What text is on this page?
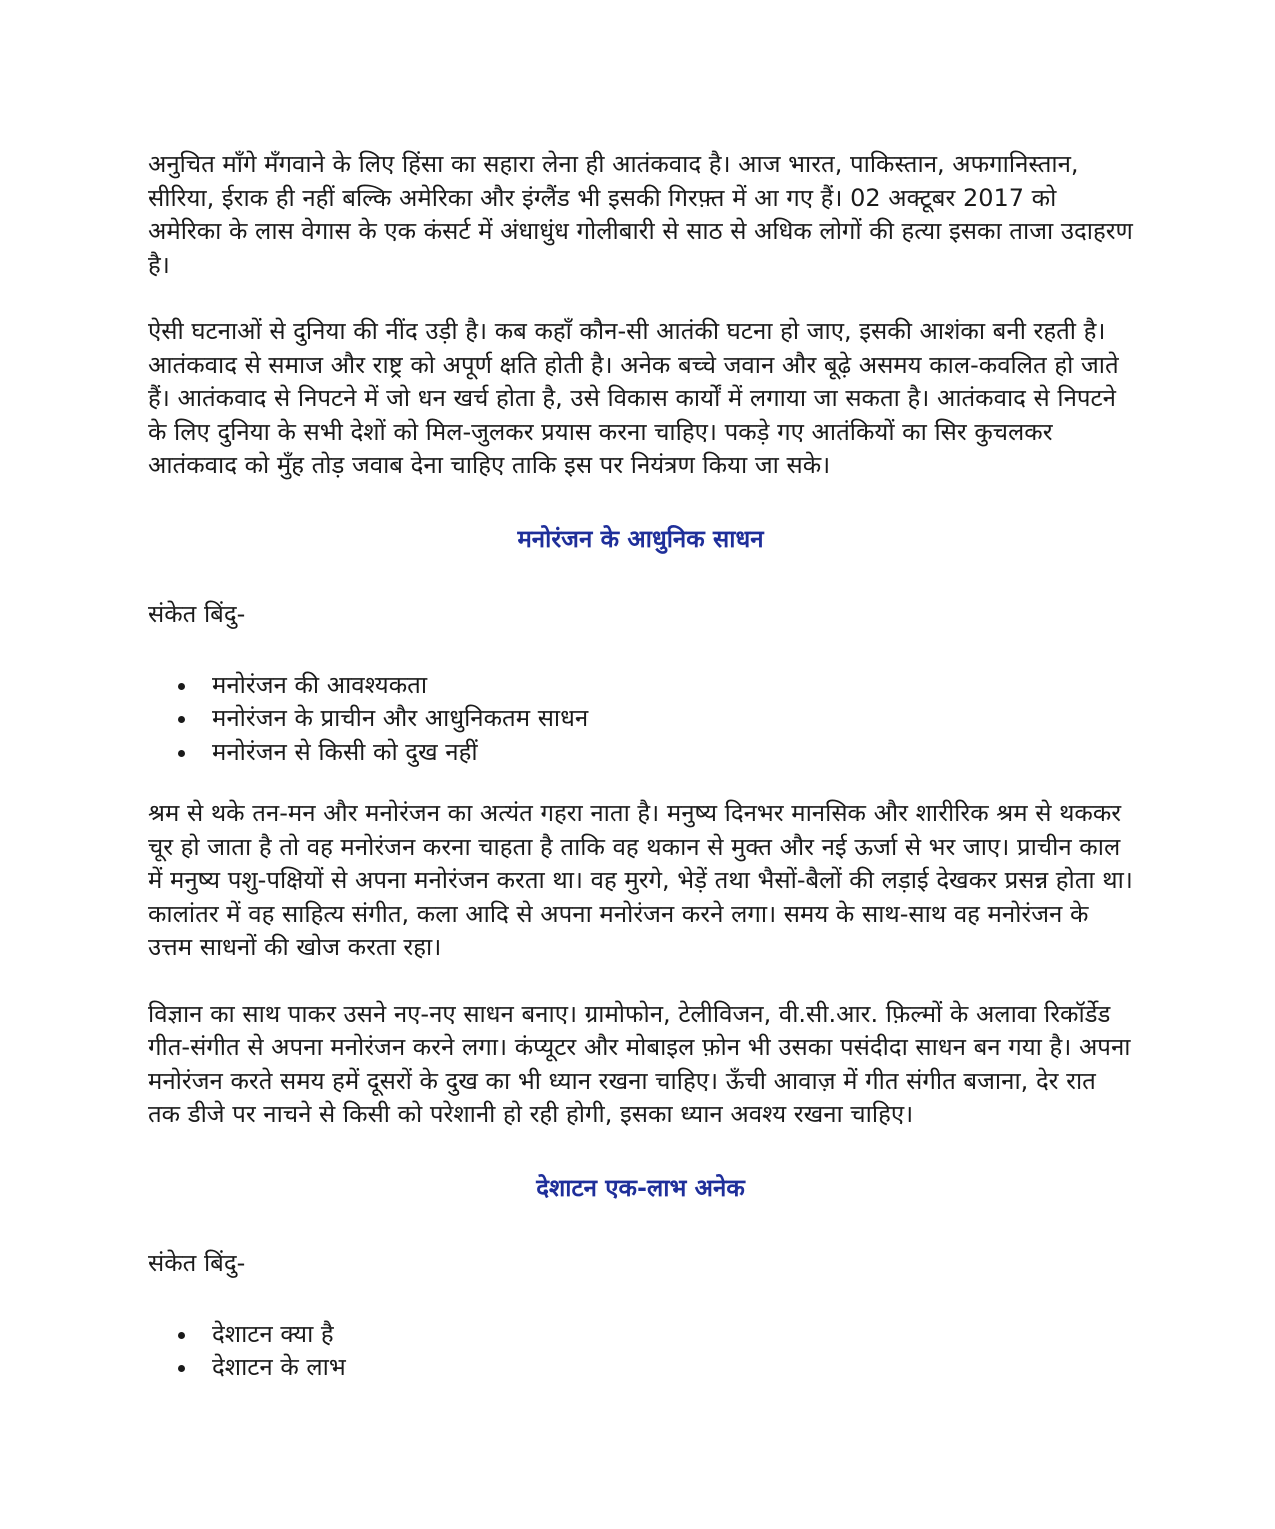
अनुचित माँगे मँगवाने के लिए हिंसा का सहारा लेना ही आतंकवाद है। आज भारत, पाकिस्तान, अफगानिस्तान, सीरिया, ईराक ही नहीं बल्कि अमेरिका और इंग्लैंड भी इसकी गिरफ़्त में आ गए हैं। 02 अक्टूबर 2017 को अमेरिका के लास वेगास के एक कंसर्ट में अंधाधुंध गोलीबारी से साठ से अधिक लोगों की हत्या इसका ताजा उदाहरण है।

ऐसी घटनाओं से दुनिया की नींद उड़ी है। कब कहाँ कौन-सी आतंकी घटना हो जाए, इसकी आशंका बनी रहती है। आतंकवाद से समाज और राष्ट्र को अपूर्ण क्षति होती है। अनेक बच्चे जवान और बूढ़े असमय काल-कवलित हो जाते हैं। आतंकवाद से निपटने में जो धन खर्च होता है, उसे विकास कार्यों में लगाया जा सकता है। आतंकवाद से निपटने के लिए दुनिया के सभी देशों को मिल-जुलकर प्रयास करना चाहिए। पकड़े गए आतंकियों का सिर कुचलकर आतंकवाद को मुँह तोड़ जवाब देना चाहिए ताकि इस पर नियंत्रण किया जा सके।

मनोरंजन के आधुनिक साधन

संकेत बिंदु-

मनोरंजन की आवश्यकता
मनोरंजन के प्राचीन और आधुनिकतम साधन
मनोरंजन से किसी को दुख नहीं

श्रम से थके तन-मन और मनोरंजन का अत्यंत गहरा नाता है। मनुष्य दिनभर मानसिक और शारीरिक श्रम से थककर चूर हो जाता है तो वह मनोरंजन करना चाहता है ताकि वह थकान से मुक्त और नई ऊर्जा से भर जाए। प्राचीन काल में मनुष्य पशु-पक्षियों से अपना मनोरंजन करता था। वह मुरगे, भेड़ें तथा भैसों-बैलों की लड़ाई देखकर प्रसन्न होता था। कालांतर में वह साहित्य संगीत, कला आदि से अपना मनोरंजन करने लगा। समय के साथ-साथ वह मनोरंजन के उत्तम साधनों की खोज करता रहा।

विज्ञान का साथ पाकर उसने नए-नए साधन बनाए। ग्रामोफोन, टेलीविजन, वी.सी.आर. फ़िल्मों के अलावा रिकॉर्डेड गीत-संगीत से अपना मनोरंजन करने लगा। कंप्यूटर और मोबाइल फ़ोन भी उसका पसंदीदा साधन बन गया है। अपना मनोरंजन करते समय हमें दूसरों के दुख का भी ध्यान रखना चाहिए। ऊँची आवाज़ में गीत संगीत बजाना, देर रात तक डीजे पर नाचने से किसी को परेशानी हो रही होगी, इसका ध्यान अवश्य रखना चाहिए।

देशाटन एक-लाभ अनेक

संकेत बिंदु-

देशाटन क्या है
देशाटन के लाभ
